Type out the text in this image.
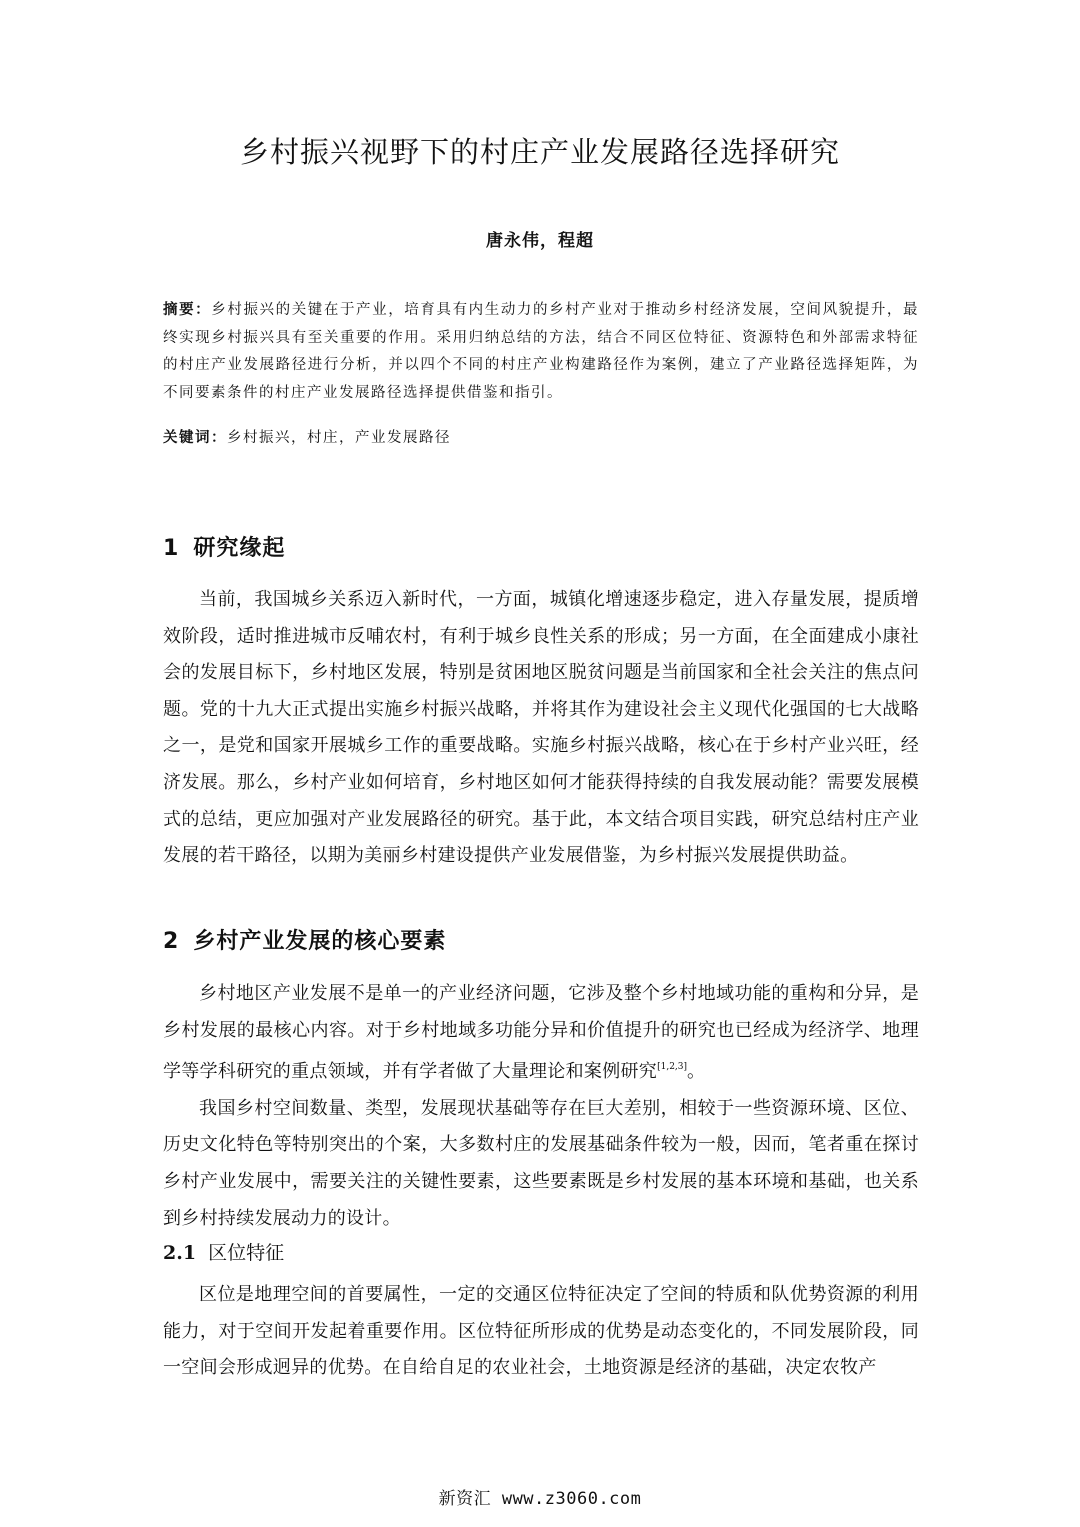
乡村振兴视野下的村庄产业发展路径选择研究
唐永伟，程超
摘要：乡村振兴的关键在于产业，培育具有内生动力的乡村产业对于推动乡村经济发展，空间风貌提升，最终实现乡村振兴具有至关重要的作用。采用归纳总结的方法，结合不同区位特征、资源特色和外部需求特征的村庄产业发展路径进行分析，并以四个不同的村庄产业构建路径作为案例，建立了产业路径选择矩阵，为不同要素条件的村庄产业发展路径选择提供借鉴和指引。
关键词：乡村振兴，村庄，产业发展路径
1 研究缘起

当前，我国城乡关系迈入新时代，一方面，城镇化增速逐步稳定，进入存量发展，提质增效阶段，适时推进城市反哺农村，有利于城乡良性关系的形成；另一方面，在全面建成小康社会的发展目标下，乡村地区发展，特别是贫困地区脱贫问题是当前国家和全社会关注的焦点问题。党的十九大正式提出实施乡村振兴战略，并将其作为建设社会主义现代化强国的七大战略之一，是党和国家开展城乡工作的重要战略。实施乡村振兴战略，核心在于乡村产业兴旺，经济发展。那么，乡村产业如何培育，乡村地区如何才能获得持续的自我发展动能？需要发展模式的总结，更应加强对产业发展路径的研究。基于此，本文结合项目实践，研究总结村庄产业发展的若干路径，以期为美丽乡村建设提供产业发展借鉴，为乡村振兴发展提供助益。

2 乡村产业发展的核心要素

乡村地区产业发展不是单一的产业经济问题，它涉及整个乡村地域功能的重构和分异，是乡村发展的最核心内容。对于乡村地域多功能分异和价值提升的研究也已经成为经济学、地理学等学科研究的重点领域，并有学者做了大量理论和案例研究[1,2,3]。

我国乡村空间数量、类型，发展现状基础等存在巨大差别，相较于一些资源环境、区位、历史文化特色等特别突出的个案，大多数村庄的发展基础条件较为一般，因而，笔者重在探讨乡村产业发展中，需要关注的关键性要素，这些要素既是乡村发展的基本环境和基础，也关系到乡村持续发展动力的设计。

2.1 区位特征

区位是地理空间的首要属性，一定的交通区位特征决定了空间的特质和队优势资源的利用能力，对于空间开发起着重要作用。区位特征所形成的优势是动态变化的，不同发展阶段，同一空间会形成迥异的优势。在自给自足的农业社会，土地资源是经济的基础，决定农牧产

新资汇 www.z3060.com
